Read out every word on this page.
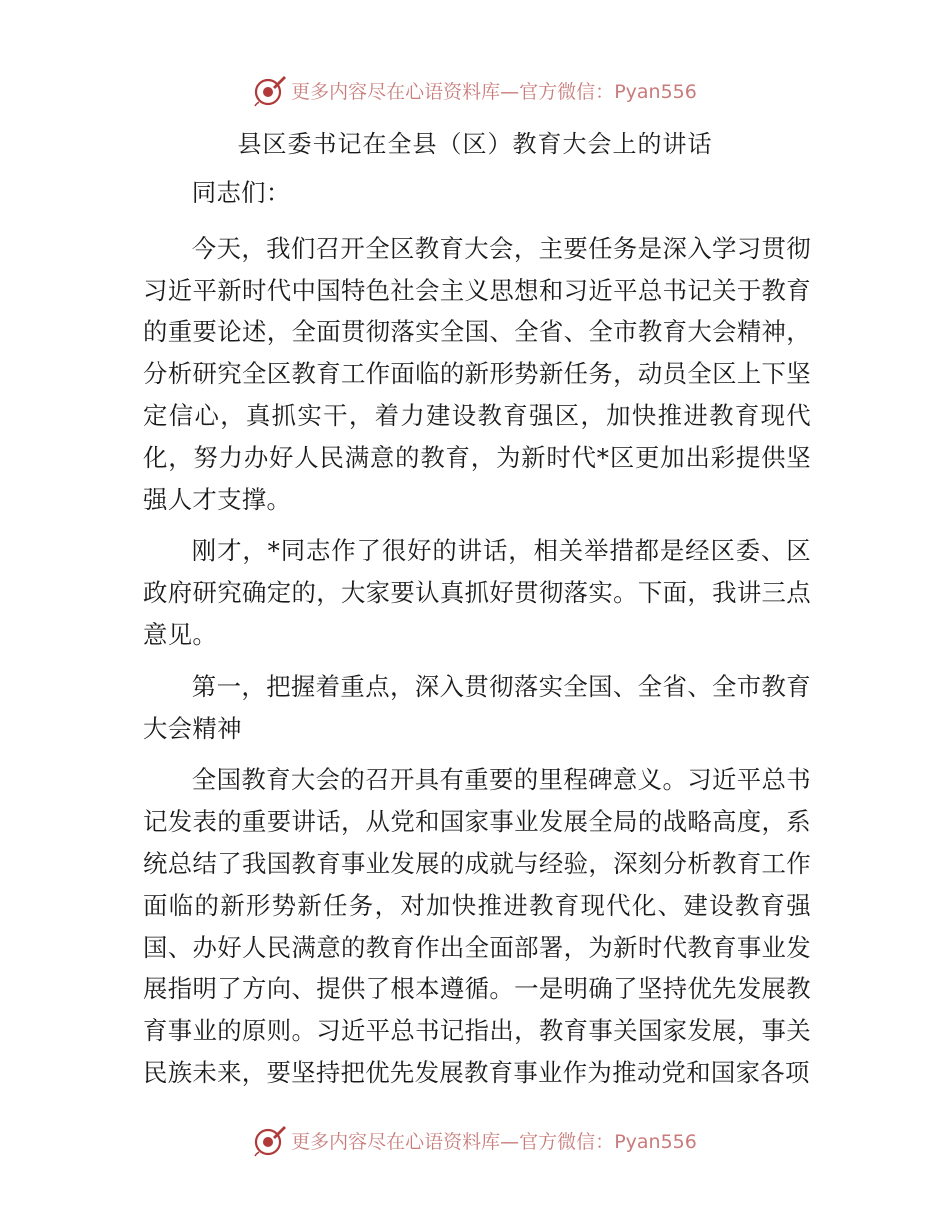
更多内容尽在心语资料库—官方微信：Pyan556
县区委书记在全县（区）教育大会上的讲话

同志们：

今天，我们召开全区教育大会，主要任务是深入学习贯彻习近平新时代中国特色社会主义思想和习近平总书记关于教育的重要论述，全面贯彻落实全国、全省、全市教育大会精神，分析研究全区教育工作面临的新形势新任务，动员全区上下坚定信心，真抓实干，着力建设教育强区，加快推进教育现代化，努力办好人民满意的教育，为新时代*区更加出彩提供坚强人才支撑。

刚才，*同志作了很好的讲话，相关举措都是经区委、区政府研究确定的，大家要认真抓好贯彻落实。下面，我讲三点意见。

第一，把握着重点，深入贯彻落实全国、全省、全市教育大会精神

全国教育大会的召开具有重要的里程碑意义。习近平总书记发表的重要讲话，从党和国家事业发展全局的战略高度，系统总结了我国教育事业发展的成就与经验，深刻分析教育工作面临的新形势新任务，对加快推进教育现代化、建设教育强国、办好人民满意的教育作出全面部署，为新时代教育事业发展指明了方向、提供了根本遵循。一是明确了坚持优先发展教育事业的原则。习近平总书记指出，教育事关国家发展，事关民族未来，要坚持把优先发展教育事业作为推动党和国家各项

更多内容尽在心语资料库—官方微信：Pyan556
